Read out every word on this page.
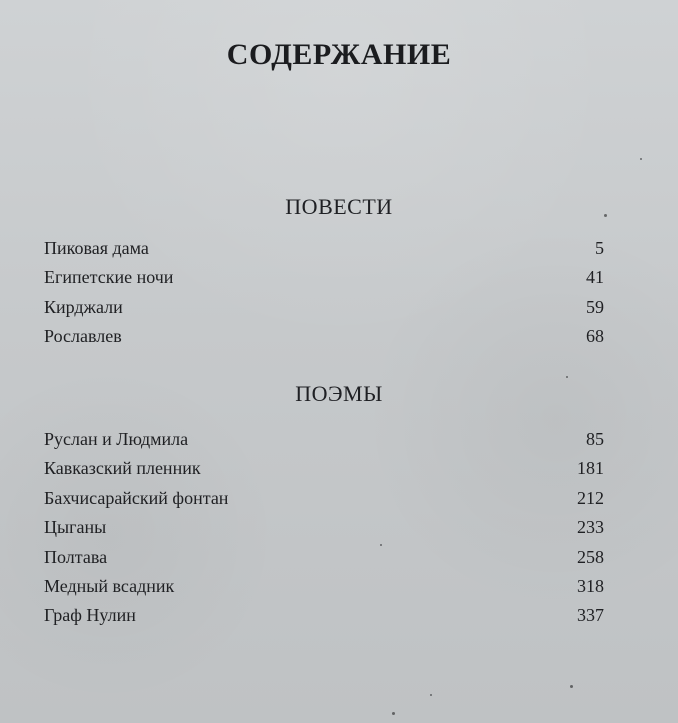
СОДЕРЖАНИЕ
ПОВЕСТИ
Пиковая дама	5
Египетские ночи	41
Кирджали	59
Рославлев	68
ПОЭМЫ
Руслан и Людмила	85
Кавказский пленник	181
Бахчисарайский фонтан	212
Цыганы	233
Полтава	258
Медный всадник	318
Граф Нулин	337
